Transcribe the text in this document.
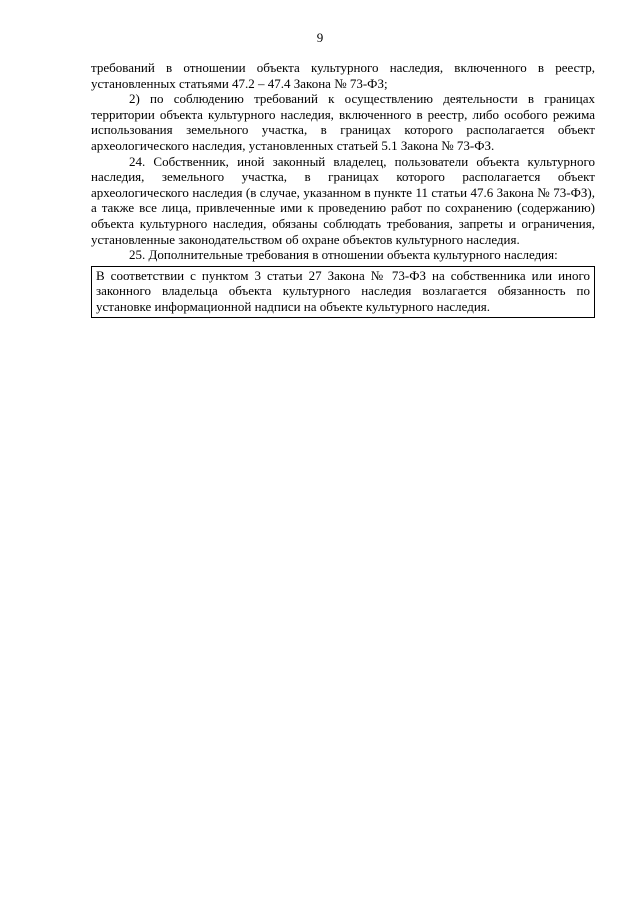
9

требований в отношении объекта культурного наследия, включенного в реестр, установленных статьями 47.2 – 47.4 Закона № 73-ФЗ;

2) по соблюдению требований к осуществлению деятельности в границах территории объекта культурного наследия, включенного в реестр, либо особого режима использования земельного участка, в границах которого располагается объект археологического наследия, установленных статьей 5.1 Закона № 73-ФЗ.

24. Собственник, иной законный владелец, пользователи объекта культурного наследия, земельного участка, в границах которого располагается объект археологического наследия (в случае, указанном в пункте 11 статьи 47.6 Закона № 73-ФЗ), а также все лица, привлеченные ими к проведению работ по сохранению (содержанию) объекта культурного наследия, обязаны соблюдать требования, запреты и ограничения, установленные законодательством об охране объектов культурного наследия.

25. Дополнительные требования в отношении объекта культурного наследия:

В соответствии с пунктом 3 статьи 27 Закона № 73-ФЗ на собственника или иного законного владельца объекта культурного наследия возлагается обязанность по установке информационной надписи на объекте культурного наследия.
